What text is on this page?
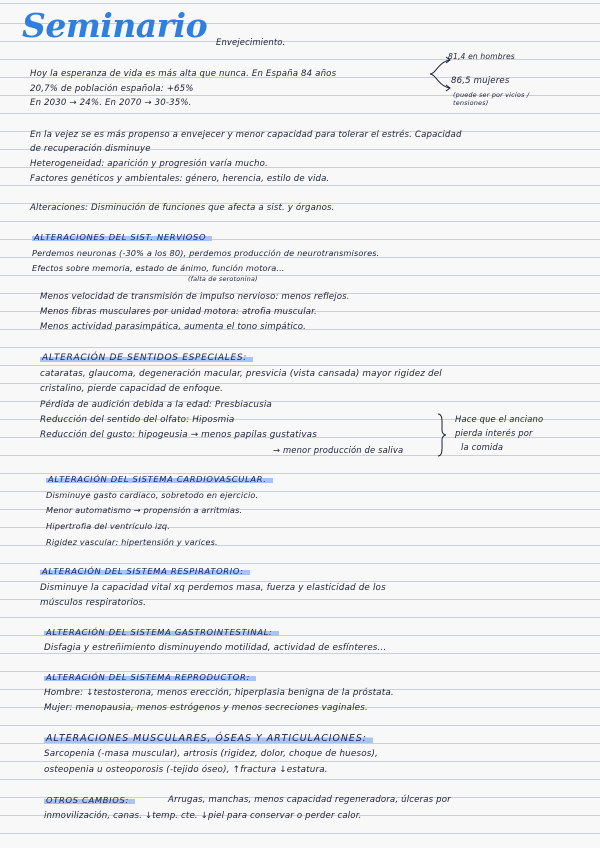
Seminario Envejecimiento.
Hoy la esperanza de vida es más alta que nunca. En España 84 años
20,7% de población española: +65%
En 2030 → 24%. En 2070 → 30-35%.
81,4 en hombres
86,5 mujeres
(puede ser por vicios / tensiones)
En la vejez se es más propenso a envejecer y menor capacidad para tolerar el estrés. Capacidad
de recuperación disminuye
Heterogeneidad: aparición y progresión varía mucho.
Factores genéticos y ambientales: género, herencia, estilo de vida.
Alteraciones: Disminución de funciones que afecta a sist. y órganos.
ALTERACIONES DEL SIST. NERVIOSO
Perdemos neuronas (-30% a los 80), perdemos producción de neurotransmisores.
Efectos sobre memoria, estado de ánimo, función motora...
(falta de serotonina)
Menos velocidad de transmisión de impulso nervioso: menos reflejos.
Menos fibras musculares por unidad motora: atrofia muscular.
Menos actividad parasimpática, aumenta el tono simpático.
ALTERACIÓN DE SENTIDOS ESPECIALES:
cataratas, glaucoma, degeneración macular, presvicia (vista cansada) mayor rigidez del
cristalino, pierde capacidad de enfoque.
Pérdida de audición debida a la edad: Presbiacusia
Reducción del sentido del olfato: Hiposmia
Reducción del gusto: hipogeusia → menos papilas gustativas
→ menor producción de saliva
Hace que el anciano
pierda interés por
la comida
ALTERACIÓN DEL SISTEMA CARDIOVASCULAR.
Disminuye gasto cardiaco, sobretodo en ejercicio.
Menor automatismo → propensión a arritmias.
Hipertrofia del ventrículo izq.
Rigidez vascular: hipertensión y varices.
ALTERACIÓN DEL SISTEMA RESPIRATORIO:
Disminuye la capacidad vital xq perdemos masa, fuerza y elasticidad de los
músculos respiratorios.
ALTERACIÓN DEL SISTEMA GASTROINTESTINAL:
Disfagia y estreñimiento disminuyendo motilidad, actividad de esfínteres...
ALTERACIÓN DEL SISTEMA REPRODUCTOR:
Hombre: ↓testosterona, menos erección, hiperplasia benigna de la próstata.
Mujer: menopausia, menos estrógenos y menos secreciones vaginales.
ALTERACIONES MUSCULARES, ÓSEAS Y ARTICULACIONES:
Sarcopenia (-masa muscular), artrosis (rigidez, dolor, choque de huesos),
osteopenia u osteoporosis (-tejido óseo), ↑fractura ↓estatura.
OTROS CAMBIOS:	Arrugas, manchas, menos capacidad regeneradora, úlceras por
inmovilización, canas. ↓temp. cte. ↓piel para conservar o perder calor.
